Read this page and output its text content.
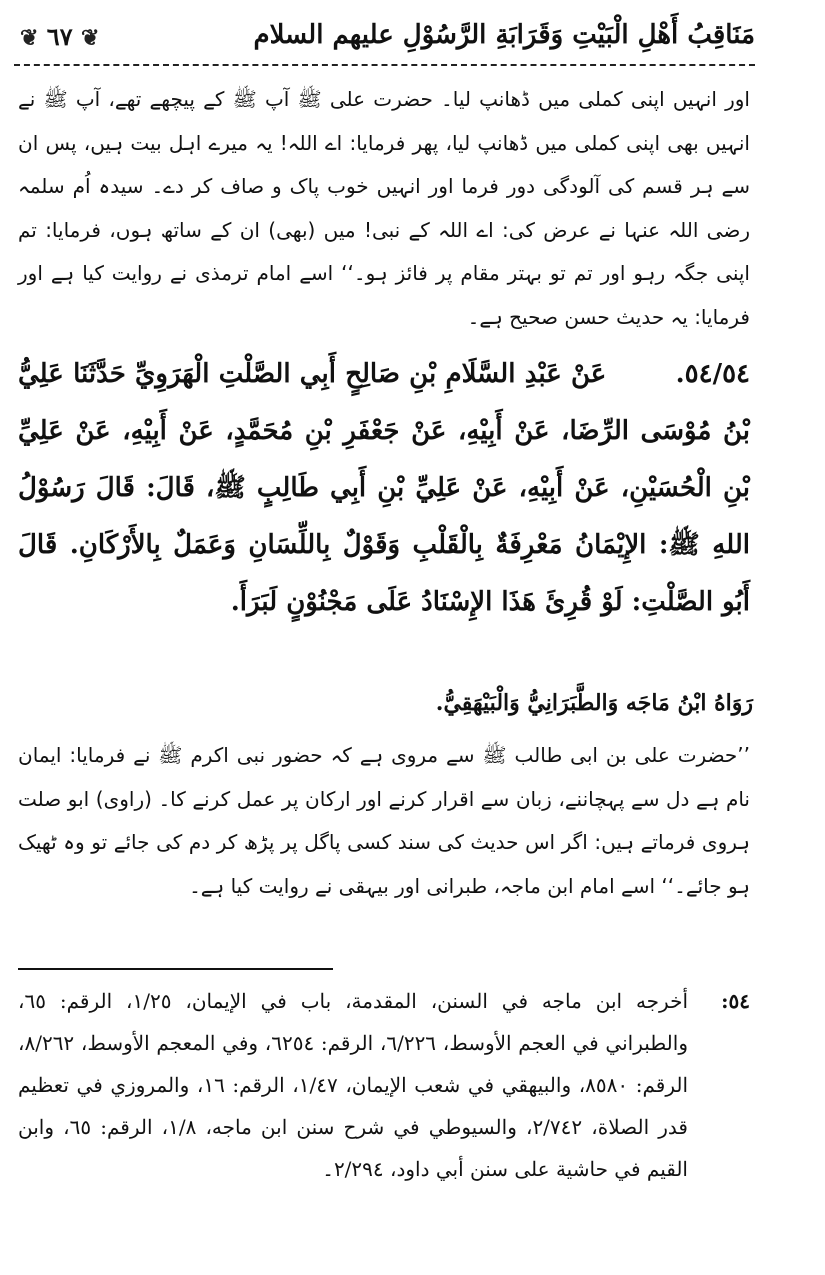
مَنَاقِبُ أَهْلِ الْبَيْتِ وَقَرَابَةِ الرَّسُوْلِ عليهم السلام
❦ ٦٧ ❦
اور انہیں اپنی کملی میں ڈھانپ لیا۔ حضرت علی ﷺ آپ ﷺ کے پیچھے تھے، آپ ﷺ نے انہیں بھی اپنی کملی میں ڈھانپ لیا، پھر فرمایا: اے اللہ! یہ میرے اہل بیت ہیں، پس ان سے ہر قسم کی آلودگی دور فرما اور انہیں خوب پاک و صاف کر دے۔ سیدہ اُم سلمہ رضی اللہ عنہا نے عرض کی: اے اللہ کے نبی! میں (بھی) ان کے ساتھ ہوں، فرمایا: تم اپنی جگہ رہو اور تم تو بہتر مقام پر فائز ہو۔‘‘ اسے امام ترمذی نے روایت کیا ہے اور فرمایا: یہ حدیث حسن صحیح ہے۔
٥٤/٥٤. عَنْ عَبْدِ السَّلَامِ بْنِ صَالِحٍ أَبِي الصَّلْتِ الْهَرَوِيِّ حَدَّثَنَا عَلِيُّ بْنُ مُوْسَى الرِّضَا، عَنْ أَبِيْهِ، عَنْ جَعْفَرِ بْنِ مُحَمَّدٍ، عَنْ أَبِيْهِ، عَنْ عَلِيِّ بْنِ الْحُسَيْنِ، عَنْ أَبِيْهِ، عَنْ عَلِيِّ بْنِ أَبِي طَالِبٍ ﷺ، قَالَ: قَالَ رَسُوْلُ اللهِ ﷺ: الإِيْمَانُ مَعْرِفَةٌ بِالْقَلْبِ وَقَوْلٌ بِاللِّسَانِ وَعَمَلٌ بِالأَرْكَانِ. قَالَ أَبُو الصَّلْتِ: لَوْ قُرِئَ هَذَا الإِسْنَادُ عَلَى مَجْنُوْنٍ لَبَرَأَ.
رَوَاهُ ابْنُ مَاجَه وَالطَّبَرَانِيُّ وَالْبَيْهَقِيُّ.
’’حضرت علی بن ابی طالب ﷺ سے مروی ہے کہ حضور نبی اکرم ﷺ نے فرمایا: ایمان نام ہے دل سے پہچاننے، زبان سے اقرار کرنے اور ارکان پر عمل کرنے کا۔ (راوی) ابو صلت ہروی فرماتے ہیں: اگر اس حدیث کی سند کسی پاگل پر پڑھ کر دم کی جائے تو وہ ٹھیک ہو جائے۔‘‘ اسے امام ابن ماجہ، طبرانی اور بیہقی نے روایت کیا ہے۔
٥٤:
أخرجه ابن ماجه في السنن، المقدمة، باب في الإيمان، ١/٢٥، الرقم: ٦٥، والطبراني في العجم الأوسط، ٦/٢٢٦، الرقم: ٦٢٥٤، وفي المعجم الأوسط، ٨/٢٦٢، الرقم: ٨٥٨٠، والبيهقي في شعب الإيمان، ١/٤٧، الرقم: ١٦، والمروزي في تعظيم قدر الصلاة، ٢/٧٤٢، والسيوطي في شرح سنن ابن ماجه، ١/٨، الرقم: ٦٥، وابن القيم في حاشية على سنن أبي داود، ٢/٢٩٤۔
